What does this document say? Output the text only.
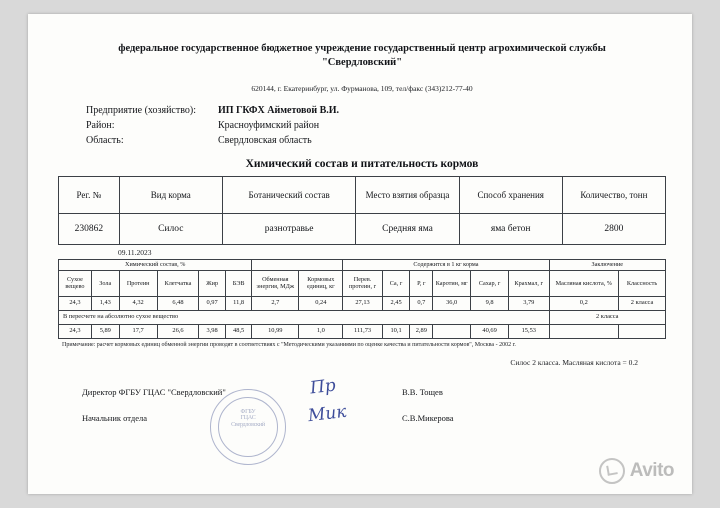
федеральное государственное бюджетное учреждение государственный центр агрохимической службы "Свердловский"
620144, г. Екатеринбург, ул. Фурманова, 109, тел/факс (343)212-77-40
Предприятие (хозяйство):	ИП ГКФХ Айметовой В.И.
Район:	Красноуфимский район
Область:	Свердловская область
Химический состав и питательность кормов
Рег. №	Вид корма	Ботанический состав	Место взятия образца	Способ хранения	Количество, тонн
230862	Силос	разнотравье	Средняя яма	яма бетон	2800
09.11.2023
Химический состав, %								Содержится в 1 кг корма						Заключение	
Сухое вещево	Зола	Протеин	Клетчатка	Жир	БЭВ	Обменная энергия, МДж	Кормовых единиц, кг	Перев. протеин, г	Са, г	Р, г	Каротин, мг	Сахар, г	Крахмал, г	Масляная кислота, %	Классность
24,3	1,43	4,32	6,48	0,97	11,8	2,7	0,24	27,13	2,45	0,7	36,0	9,8	3,79	0,2	2 класса
В пересчете на абсолютно сухое вещество														2 класса	
24,3	5,89	17,7	26,6	3,98	48,5	10,99	1,0	111,73	10,1	2,89		40,69	15,53		
Примечание: расчет кормовых единиц обменной энергии проводят в соответствиях с "Методическими указаниями по оценке качества и питательности кормов", Москва - 2002 г.
Силос 2 класса. Масляная кислота = 0.2
ФГБУ
ГЦАС
Свердловский
Директор ФГБУ ГЦАС "Свердловский"	Пр	В.В. Тощев
Начальник отдела	Мик	С.В.Микерова
Avito
